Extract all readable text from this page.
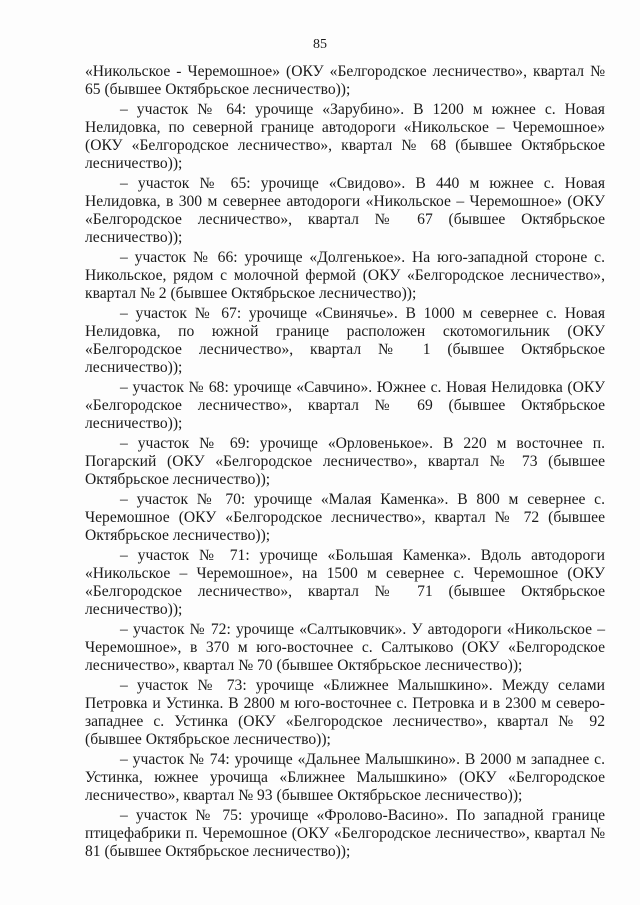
85

«Никольское - Черемошное» (ОКУ «Белгородское лесничество», квартал № 65 (бывшее Октябрьское лесничество));

– участок № 64: урочище «Зарубино». В 1200 м южнее с. Новая Нелидовка, по северной границе автодороги «Никольское – Черемошное» (ОКУ «Белгородское лесничество», квартал № 68 (бывшее Октябрьское лесничество));

– участок № 65: урочище «Свидово». В 440 м южнее с. Новая Нелидовка, в 300 м севернее автодороги «Никольское – Черемошное» (ОКУ «Белгородское лесничество», квартал № 67 (бывшее Октябрьское лесничество));

– участок № 66: урочище «Долгенькое». На юго-западной стороне с. Никольское, рядом с молочной фермой (ОКУ «Белгородское лесничество», квартал № 2 (бывшее Октябрьское лесничество));

– участок № 67: урочище «Свинячье». В 1000 м севернее с. Новая Нелидовка, по южной границе расположен скотомогильник (ОКУ «Белгородское лесничество», квартал № 1 (бывшее Октябрьское лесничество));

– участок № 68: урочище «Савчино». Южнее с. Новая Нелидовка (ОКУ «Белгородское лесничество», квартал № 69 (бывшее Октябрьское лесничество));

– участок № 69: урочище «Орловенькое». В 220 м восточнее п. Погарский (ОКУ «Белгородское лесничество», квартал № 73 (бывшее Октябрьское лесничество));

– участок № 70: урочище «Малая Каменка». В 800 м севернее с. Черемошное (ОКУ «Белгородское лесничество», квартал № 72 (бывшее Октябрьское лесничество));

– участок № 71: урочище «Большая Каменка». Вдоль автодороги «Никольское – Черемошное», на 1500 м севернее с. Черемошное (ОКУ «Белгородское лесничество», квартал № 71 (бывшее Октябрьское лесничество));

– участок № 72: урочище «Салтыковчик». У автодороги «Никольское – Черемошное», в 370 м юго-восточнее с. Салтыково (ОКУ «Белгородское лесничество», квартал № 70 (бывшее Октябрьское лесничество));

– участок № 73: урочище «Ближнее Малышкино». Между селами Петровка и Устинка. В 2800 м юго-восточнее с. Петровка и в 2300 м северо-западнее с. Устинка (ОКУ «Белгородское лесничество», квартал № 92 (бывшее Октябрьское лесничество));

– участок № 74: урочище «Дальнее Малышкино». В 2000 м западнее с. Устинка, южнее урочища «Ближнее Малышкино» (ОКУ «Белгородское лесничество», квартал № 93 (бывшее Октябрьское лесничество));

– участок № 75: урочище «Фролово-Васино». По западной границе птицефабрики п. Черемошное (ОКУ «Белгородское лесничество», квартал № 81 (бывшее Октябрьское лесничество));
